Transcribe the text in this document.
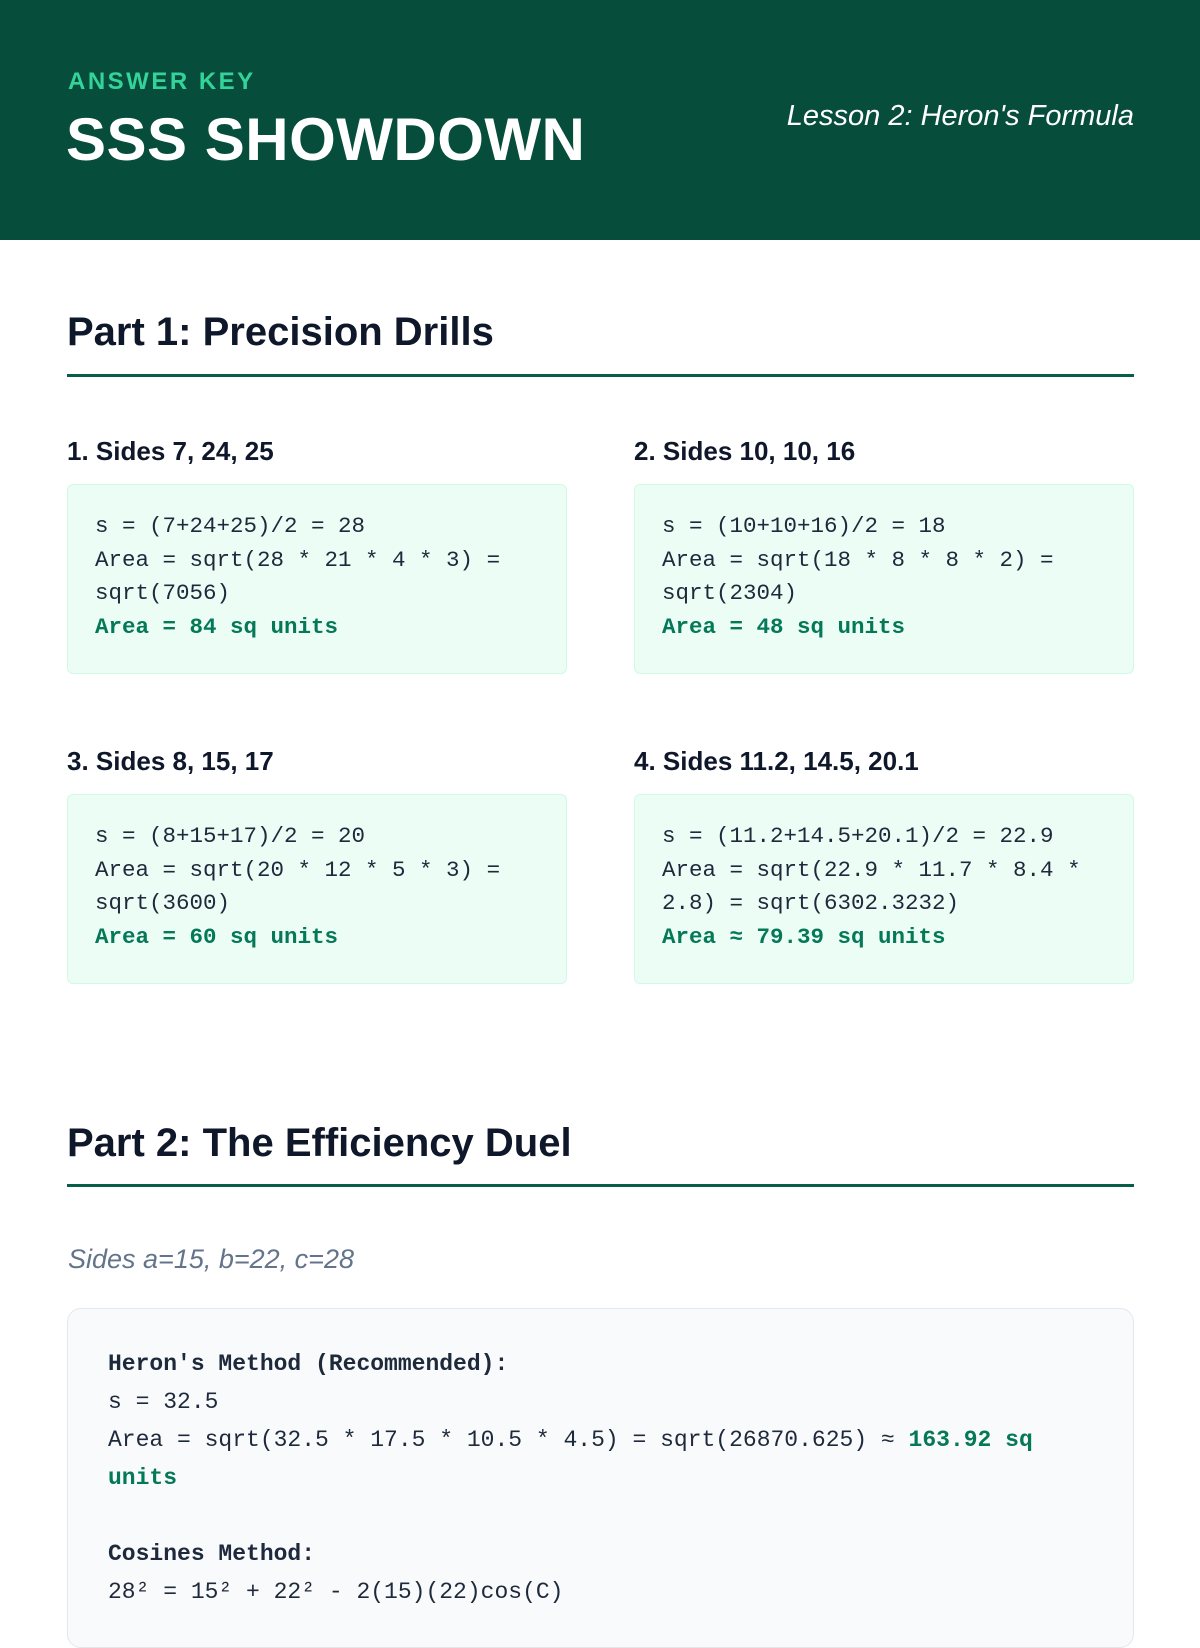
ANSWER KEY
SSS SHOWDOWN	Lesson 2: Heron's Formula
Part 1: Precision Drills
1. Sides 7, 24, 25
s = (7+24+25)/2 = 28
Area = sqrt(28 * 21 * 4 * 3) = sqrt(7056)
Area = 84 sq units
2. Sides 10, 10, 16
s = (10+10+16)/2 = 18
Area = sqrt(18 * 8 * 8 * 2) = sqrt(2304)
Area = 48 sq units
3. Sides 8, 15, 17
s = (8+15+17)/2 = 20
Area = sqrt(20 * 12 * 5 * 3) = sqrt(3600)
Area = 60 sq units
4. Sides 11.2, 14.5, 20.1
s = (11.2+14.5+20.1)/2 = 22.9
Area = sqrt(22.9 * 11.7 * 8.4 * 2.8) = sqrt(6302.3232)
Area ≈ 79.39 sq units
Part 2: The Efficiency Duel
Sides a=15, b=22, c=28
Heron's Method (Recommended):
s = 32.5
Area = sqrt(32.5 * 17.5 * 10.5 * 4.5) = sqrt(26870.625) ≈ 163.92 sq units
Cosines Method:
28² = 15² + 22² - 2(15)(22)cos(C)
